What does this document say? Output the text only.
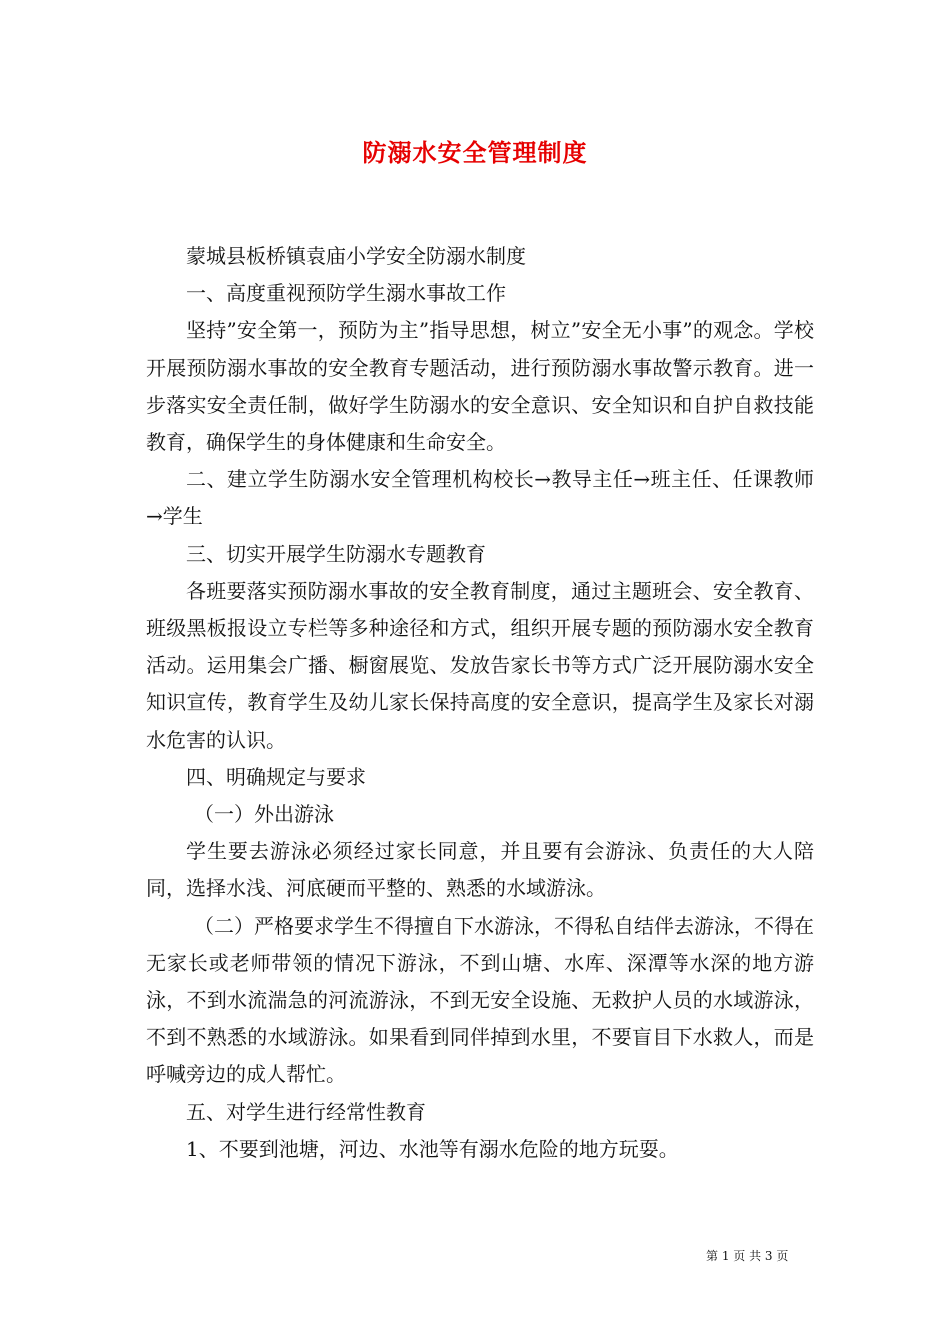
防溺水安全管理制度

蒙城县板桥镇袁庙小学安全防溺水制度

一、高度重视预防学生溺水事故工作

坚持”安全第一，预防为主”指导思想，树立”安全无小事”的观念。学校开展预防溺水事故的安全教育专题活动，进行预防溺水事故警示教育。进一步落实安全责任制，做好学生防溺水的安全意识、安全知识和自护自救技能教育，确保学生的身体健康和生命安全。

二、建立学生防溺水安全管理机构校长→教导主任→班主任、任课教师→学生

三、切实开展学生防溺水专题教育

各班要落实预防溺水事故的安全教育制度，通过主题班会、安全教育、班级黑板报设立专栏等多种途径和方式，组织开展专题的预防溺水安全教育活动。运用集会广播、橱窗展览、发放告家长书等方式广泛开展防溺水安全知识宣传，教育学生及幼儿家长保持高度的安全意识，提高学生及家长对溺水危害的认识。

四、明确规定与要求

（一）外出游泳

学生要去游泳必须经过家长同意，并且要有会游泳、负责任的大人陪同，选择水浅、河底硬而平整的、熟悉的水域游泳。

（二）严格要求学生不得擅自下水游泳，不得私自结伴去游泳，不得在无家长或老师带领的情况下游泳，不到山塘、水库、深潭等水深的地方游泳，不到水流湍急的河流游泳，不到无安全设施、无救护人员的水域游泳，不到不熟悉的水域游泳。如果看到同伴掉到水里，不要盲目下水救人，而是呼喊旁边的成人帮忙。

五、对学生进行经常性教育

1、不要到池塘，河边、水池等有溺水危险的地方玩耍。

第 1 页 共 3 页
